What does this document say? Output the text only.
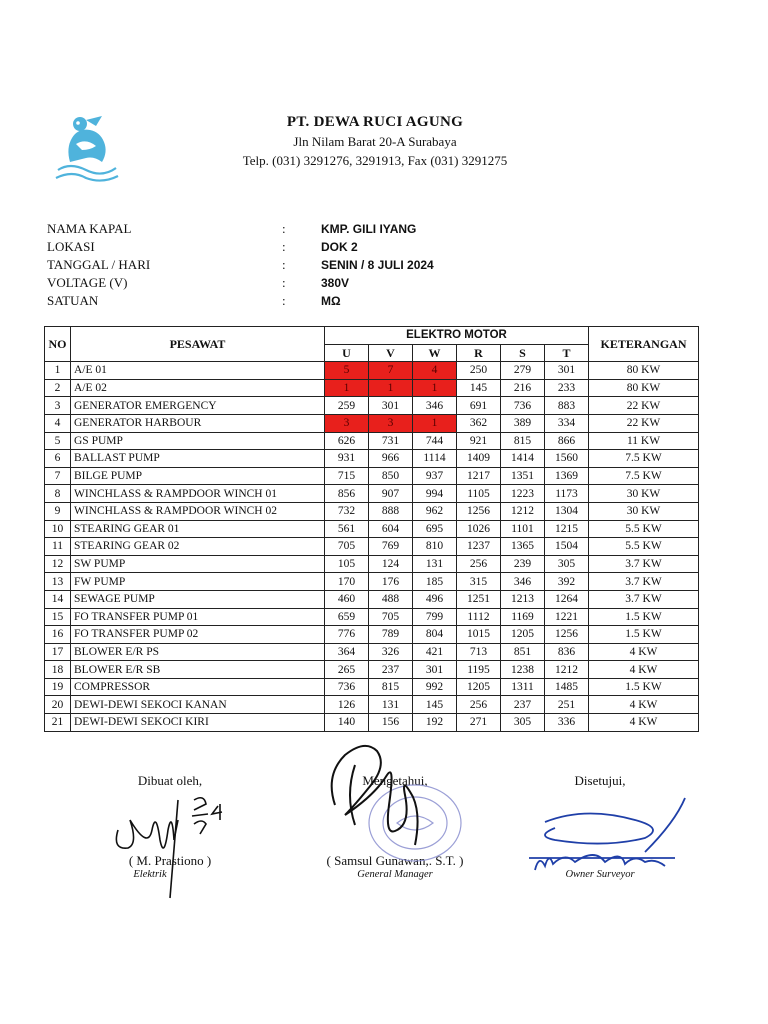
PT. DEWA RUCI AGUNG
Jln Nilam Barat 20-A Surabaya
Telp. (031) 3291276, 3291913, Fax (031) 3291275
NAMA KAPAL	:	KMP. GILI IYANG
LOKASI	:	DOK 2
TANGGAL / HARI	:	SENIN / 8 JULI 2024
VOLTAGE (V)	:	380V
SATUAN	:	MΩ
NO	PESAWAT	ELEKTRO MOTOR						KETERANGAN
		U	V	W	R	S	T	
1	A/E 01	5	7	4	250	279	301	80 KW
2	A/E 02	1	1	1	145	216	233	80 KW
3	GENERATOR EMERGENCY	259	301	346	691	736	883	22 KW
4	GENERATOR HARBOUR	3	3	1	362	389	334	22 KW
5	GS PUMP	626	731	744	921	815	866	11 KW
6	BALLAST PUMP	931	966	1114	1409	1414	1560	7.5 KW
7	BILGE PUMP	715	850	937	1217	1351	1369	7.5 KW
8	WINCHLASS & RAMPDOOR WINCH 01	856	907	994	1105	1223	1173	30 KW
9	WINCHLASS & RAMPDOOR WINCH 02	732	888	962	1256	1212	1304	30 KW
10	STEARING GEAR 01	561	604	695	1026	1101	1215	5.5 KW
11	STEARING GEAR 02	705	769	810	1237	1365	1504	5.5 KW
12	SW PUMP	105	124	131	256	239	305	3.7 KW
13	FW PUMP	170	176	185	315	346	392	3.7 KW
14	SEWAGE PUMP	460	488	496	1251	1213	1264	3.7 KW
15	FO TRANSFER PUMP 01	659	705	799	1112	1169	1221	1.5 KW
16	FO TRANSFER PUMP 02	776	789	804	1015	1205	1256	1.5 KW
17	BLOWER E/R PS	364	326	421	713	851	836	4 KW
18	BLOWER E/R SB	265	237	301	1195	1238	1212	4 KW
19	COMPRESSOR	736	815	992	1205	1311	1485	1.5 KW
20	DEWI-DEWI SEKOCI KANAN	126	131	145	256	237	251	4 KW
21	DEWI-DEWI SEKOCI KIRI	140	156	192	271	305	336	4 KW
Dibuat oleh,
( M. Prastiono )
Elektrik
Mengetahui,
( Samsul Gunawan,. S.T. )
General Manager
Disetujui,
Owner Surveyor
